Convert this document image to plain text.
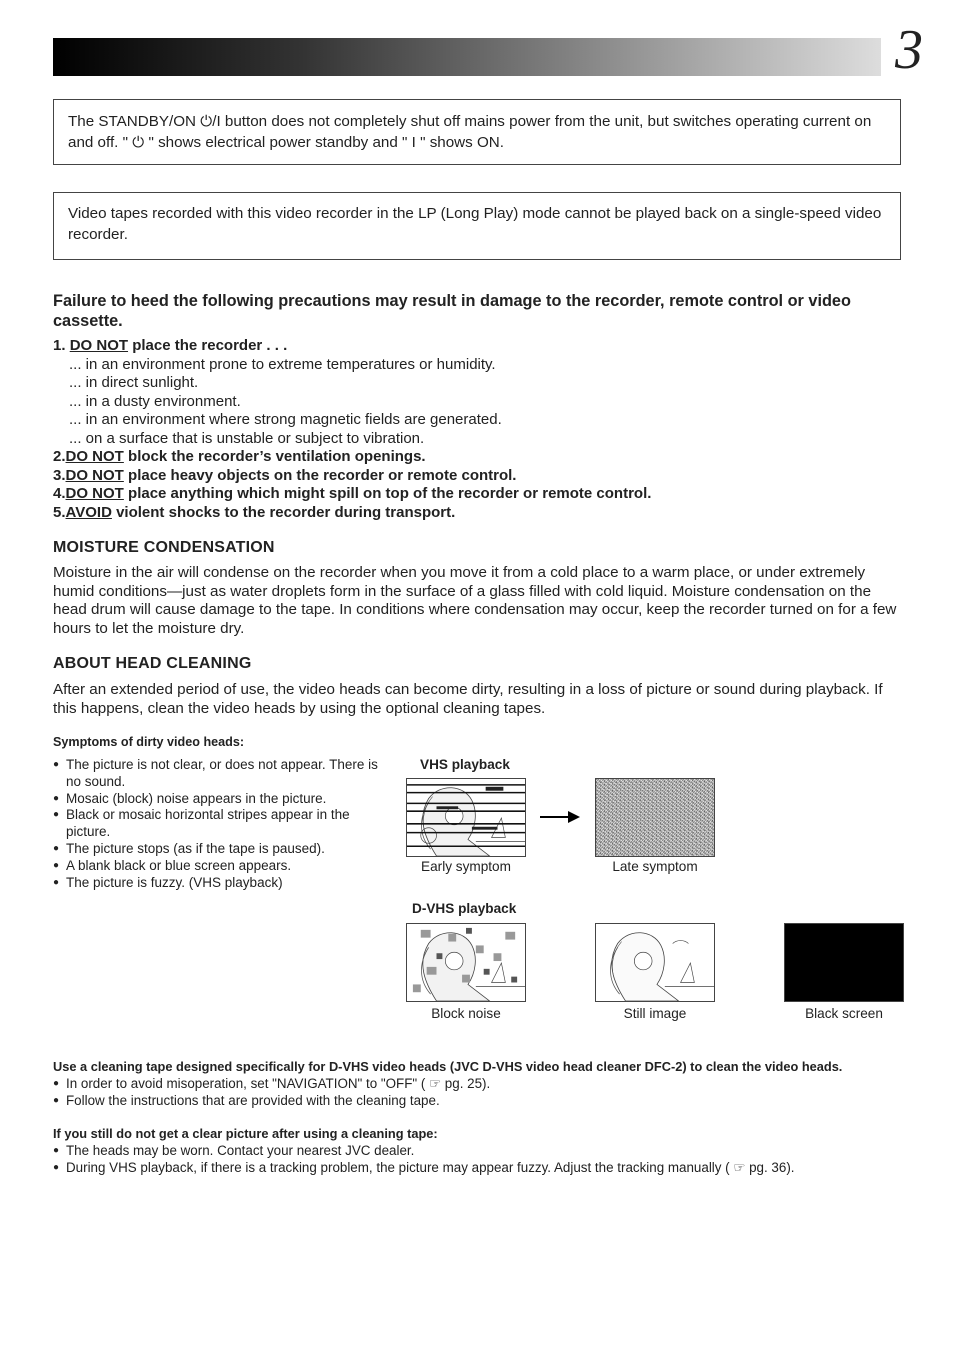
3
The STANDBY/ON ⏻/I button does not completely shut off mains power from the unit, but switches operating current on and off. " ⏻ " shows electrical power standby and " I " shows ON.
Video tapes recorded with this video recorder in the LP (Long Play) mode cannot be played back on a single-speed video recorder.
Failure to heed the following precautions may result in damage to the recorder, remote control or video cassette.
1. DO NOT place the recorder . . .
... in an environment prone to extreme temperatures or humidity.
... in direct sunlight.
... in a dusty environment.
... in an environment where strong magnetic fields are generated.
... on a surface that is unstable or subject to vibration.
2.DO NOT block the recorder’s ventilation openings.
3.DO NOT place heavy objects on the recorder or remote control.
4.DO NOT place anything which might spill on top of the recorder or remote control.
5.AVOID violent shocks to the recorder during transport.
MOISTURE CONDENSATION
Moisture in the air will condense on the recorder when you move it from a cold place to a warm place, or under extremely humid conditions—just as water droplets form in the surface of a glass filled with cold liquid. Moisture condensation on the head drum will cause damage to the tape. In conditions where condensation may occur, keep the recorder turned on for a few hours to let the moisture dry.
ABOUT HEAD CLEANING
After an extended period of use, the video heads can become dirty, resulting in a loss of picture or sound during playback. If this happens, clean the video heads by using the optional cleaning tapes.
Symptoms of dirty video heads:
● The picture is not clear, or does not appear. There is no sound.
● Mosaic (block) noise appears in the picture.
● Black or mosaic horizontal stripes appear in the picture.
● The picture stops (as if the tape is paused).
● A blank black or blue screen appears.
● The picture is fuzzy. (VHS playback)
VHS playback
Early symptom	Late symptom
D-VHS playback
Block noise	Still image	Black screen
Use a cleaning tape designed specifically for D-VHS video heads (JVC D-VHS video head cleaner DFC-2) to clean the video heads.
● In order to avoid misoperation, set "NAVIGATION" to "OFF" ( ☞ pg. 25).
● Follow the instructions that are provided with the cleaning tape.
If you still do not get a clear picture after using a cleaning tape:
● The heads may be worn. Contact your nearest JVC dealer.
● During VHS playback, if there is a tracking problem, the picture may appear fuzzy. Adjust the tracking manually ( ☞ pg. 36).
